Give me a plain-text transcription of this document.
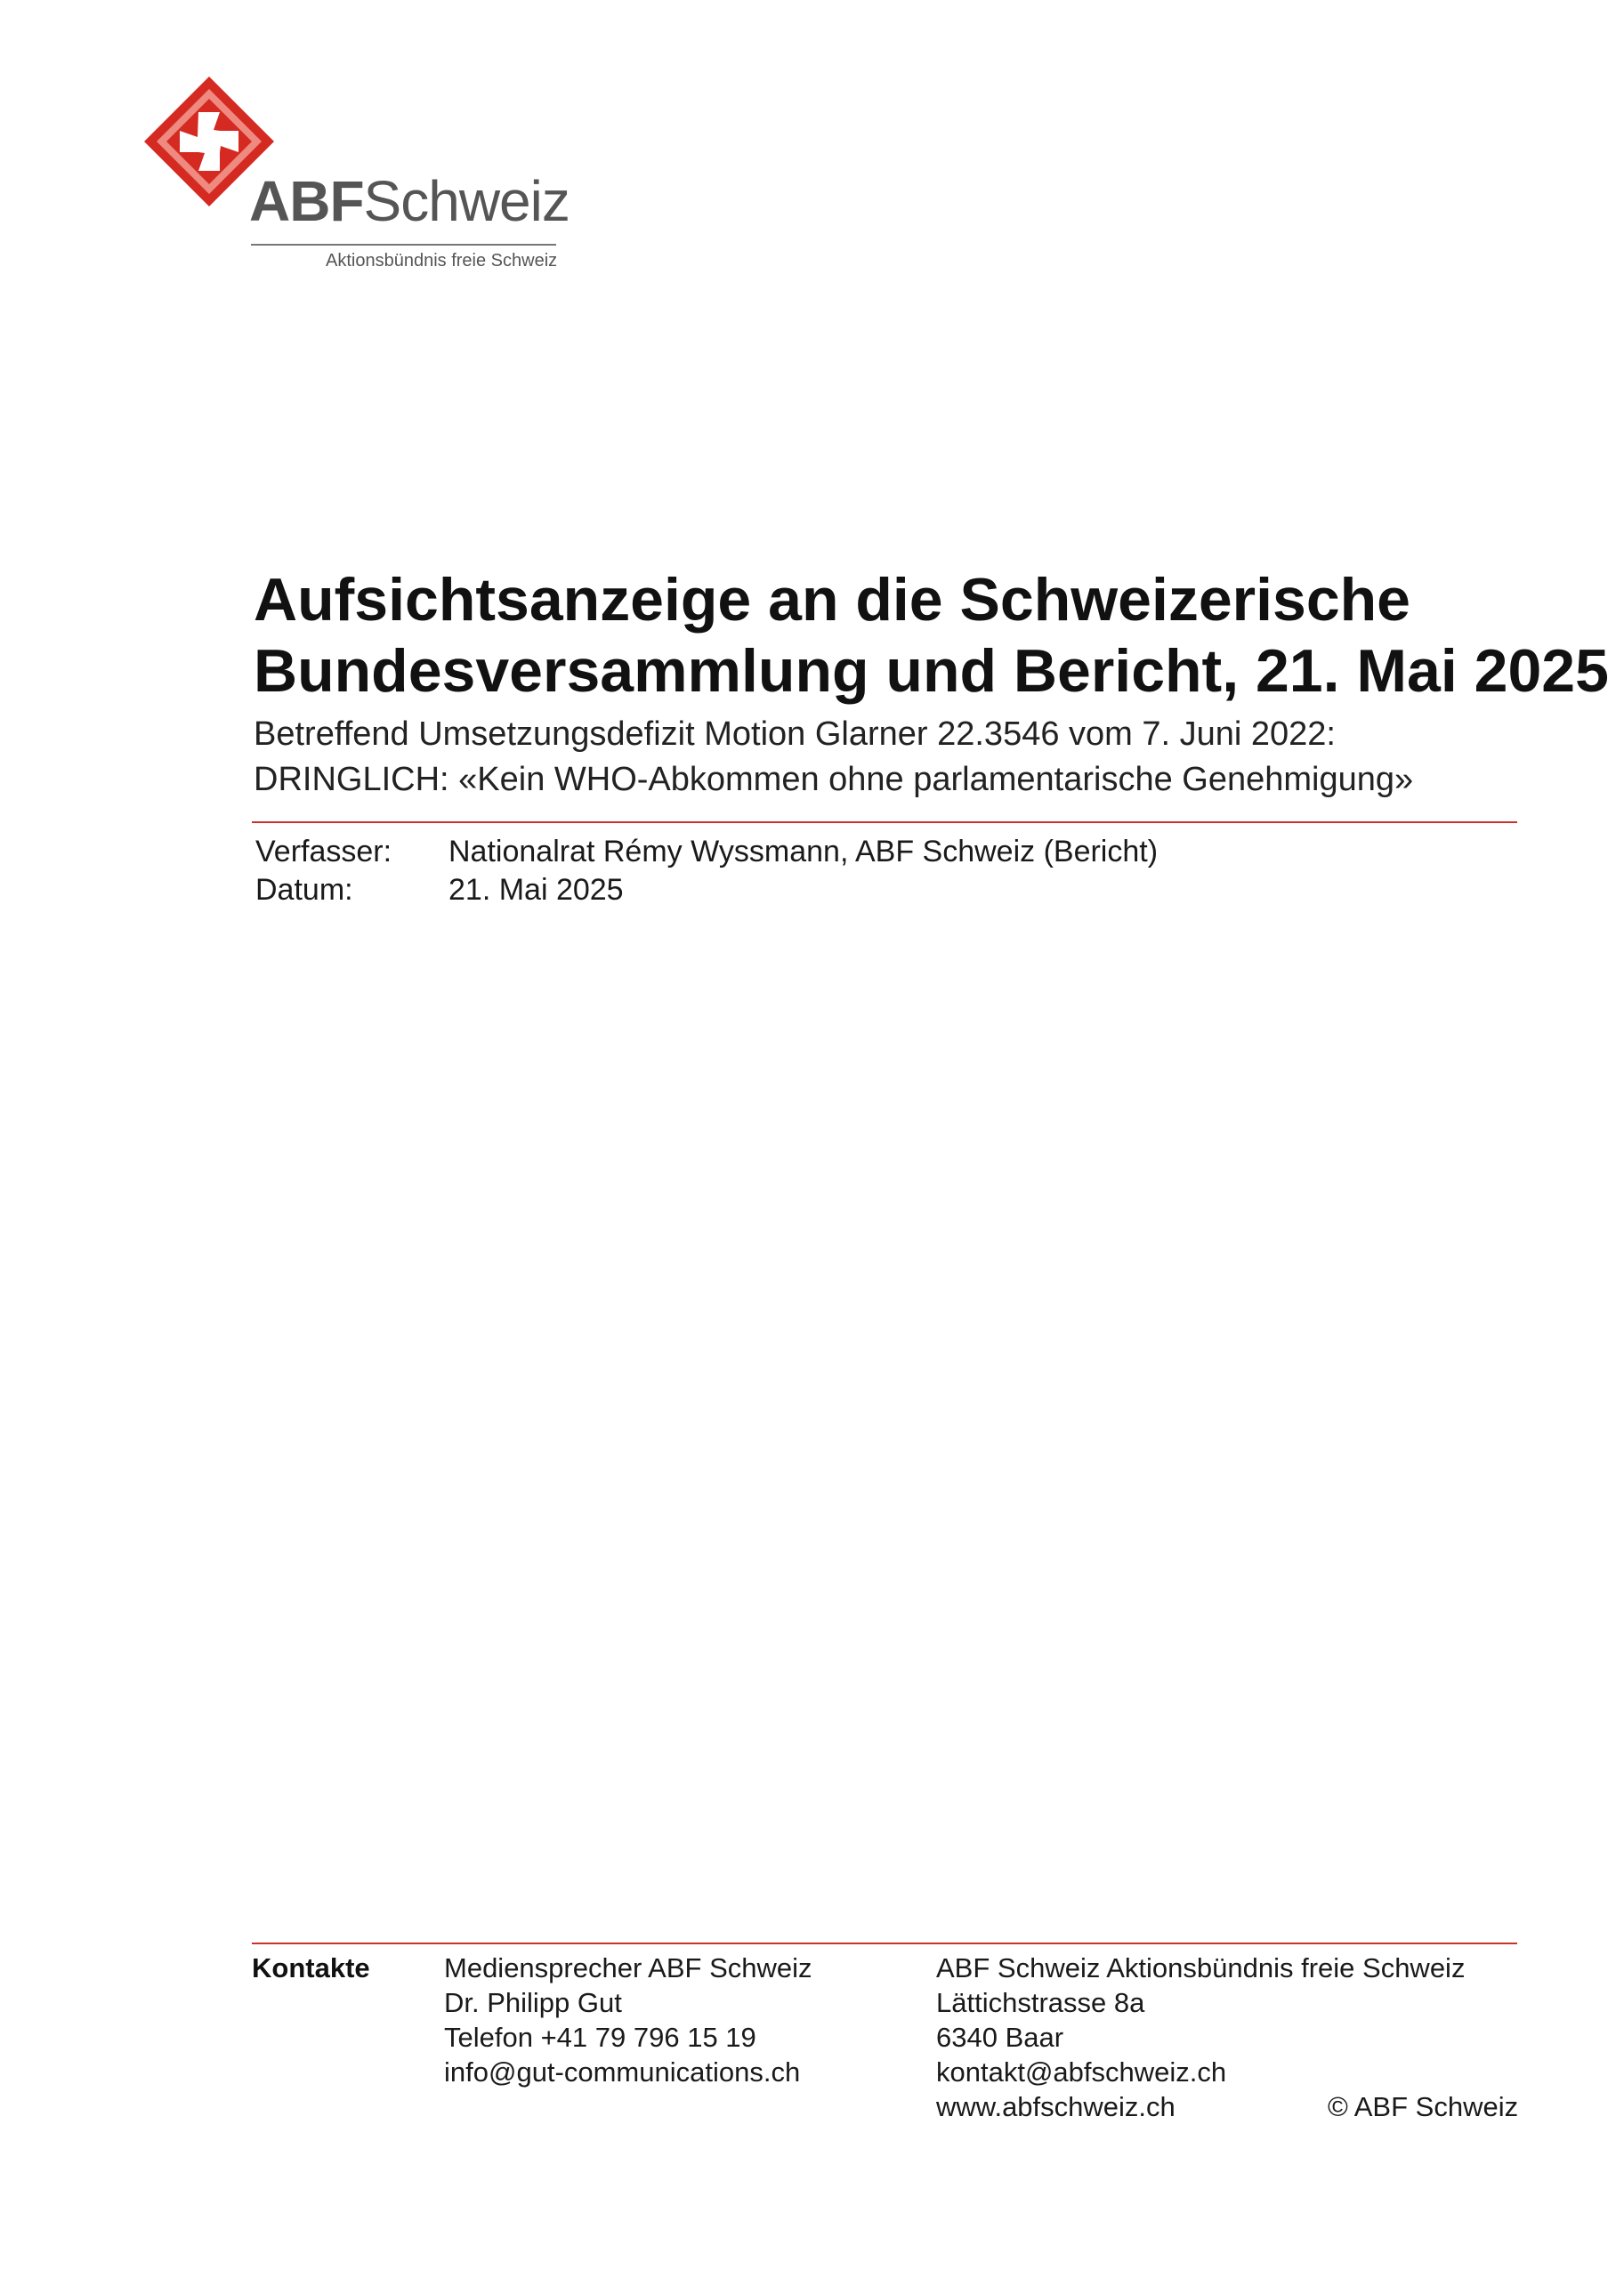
ABFSchweiz
Aktionsbündnis freie Schweiz
Aufsichtsanzeige an die Schweizerische
Bundesversammlung und Bericht, 21. Mai 2025
Betreffend Umsetzungsdefizit Motion Glarner 22.3546 vom 7. Juni 2022:
DRINGLICH: «Kein WHO-Abkommen ohne parlamentarische Genehmigung»
Verfasser:	Nationalrat Rémy Wyssmann, ABF Schweiz (Bericht)
Datum:	21. Mai 2025
Kontakte	Mediensprecher ABF Schweiz
Dr. Philipp Gut
Telefon +41 79 796 15 19
info@gut-communications.ch
ABF Schweiz Aktionsbündnis freie Schweiz
Lättichstrasse 8a
6340 Baar
kontakt@abfschweiz.ch
www.abfschweiz.ch	© ABF Schweiz
